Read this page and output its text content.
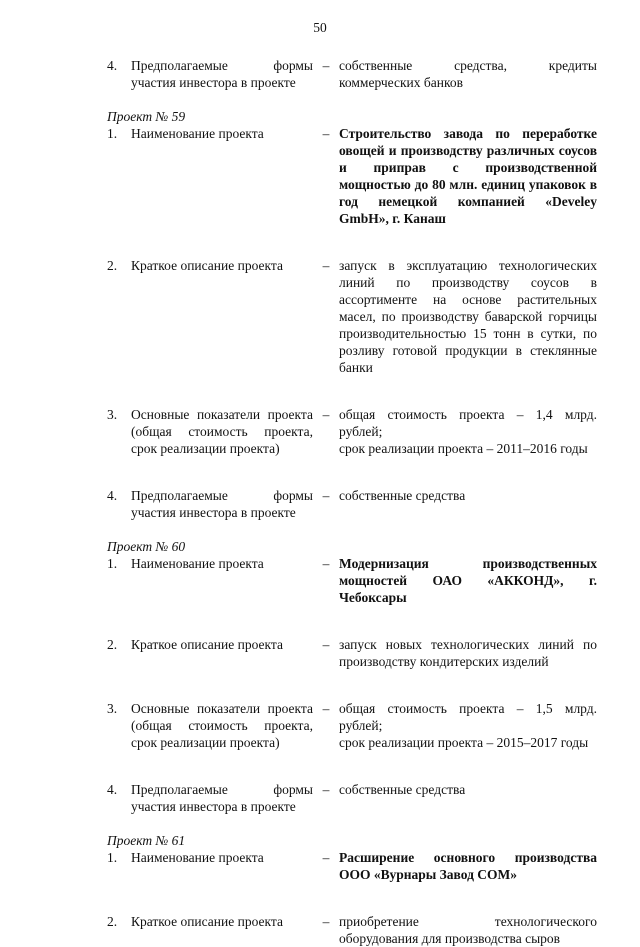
50
4.	Предполагаемые формы участия инвестора в проекте
– собственные средства, кредиты коммерческих банков
Проект № 59
1.	Наименование проекта	– Строительство завода по переработке овощей и производству различных соусов и приправ с производственной мощностью до 80 млн. единиц упаковок в год немецкой компанией «Develey GmbH», г. Канаш
2.	Краткое описание проекта	– запуск в эксплуатацию технологических линий по производству соусов в ассортименте на основе растительных масел, по производству баварской горчицы производительностью 15 тонн в сутки, по розливу готовой продукции в стеклянные банки
3.	Основные показатели проекта (общая стоимость проекта, срок реализации проекта)
– общая стоимость проекта – 1,4 млрд. рублей;

срок реализации проекта – 2011–2016 годы

4.	Предполагаемые формы участия инвестора в проекте
– собственные средства
Проект № 60
1.	Наименование проекта	– Модернизация производственных мощностей ОАО «АККОНД», г. Чебоксары
2.	Краткое описание проекта	– запуск новых технологических линий по производству кондитерских изделий
3.	Основные показатели проекта (общая стоимость проекта, срок реализации проекта)
– общая стоимость проекта – 1,5 млрд. рублей;

срок реализации проекта – 2015–2017 годы

4.	Предполагаемые формы участия инвестора в проекте
– собственные средства
Проект № 61
1.	Наименование проекта	– Расширение основного производства ООО «Вурнары Завод СОМ»
2.	Краткое описание проекта	– приобретение технологического оборудования для производства сыров
